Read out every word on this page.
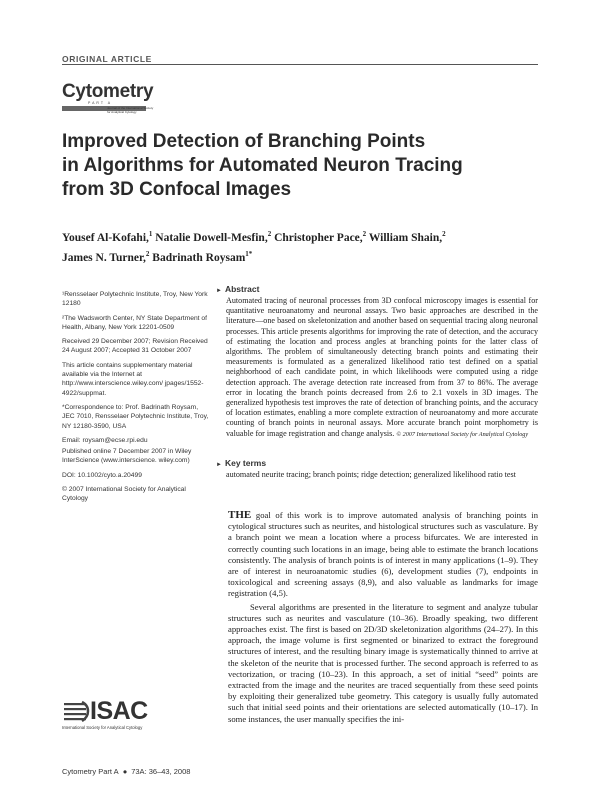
ORIGINAL ARTICLE
Cytometry
PART A
Journal of the International Society for Analytical Cytology
Improved Detection of Branching Points
in Algorithms for Automated Neuron Tracing
from 3D Confocal Images
Yousef Al-Kofahi,$^1$ Natalie Dowell-Mesfin,$^2$ Christopher Pace,$^2$ William Shain,$^2$
James N. Turner,$^2$ Badrinath Roysam$^{1*}$

¹Rensselaer Polytechnic Institute, Troy, New York 12180

²The Wadsworth Center, NY State Department of Health, Albany, New York 12201-0509

Received 29 December 2007; Revision Received 24 August 2007; Accepted 31 October 2007

This article contains supplementary material available via the Internet at http://www.interscience.wiley.com/ jpages/1552-4922/suppmat.

*Correspondence to: Prof. Badrinath Roysam, JEC 7010, Rensselaer Polytechnic Institute, Troy, NY 12180-3590, USA

Email: roysam@ecse.rpi.edu

Published online 7 December 2007 in Wiley InterScience (www.interscience. wiley.com)

DOI: 10.1002/cyto.a.20499

© 2007 International Society for Analytical Cytology

► Abstract
Automated tracing of neuronal processes from 3D confocal microscopy images is essential for quantitative neuroanatomy and neuronal assays. Two basic approaches are described in the literature—one based on skeletonization and another based on sequential tracing along neuronal processes. This article presents algorithms for improving the rate of detection, and the accuracy of estimating the location and process angles at branching points for the latter class of algorithms. The problem of simultaneously detecting branch points and estimating their measurements is formulated as a generalized likelihood ratio test defined on a spatial neighborhood of each candidate point, in which likelihoods were computed using a ridge detection approach. The average detection rate increased from from 37 to 86%. The average error in locating the branch points decreased from 2.6 to 2.1 voxels in 3D images. The generalized hypothesis test improves the rate of detection of branching points, and the accuracy of location estimates, enabling a more complete extraction of neuroanatomy and more accurate counting of branch points in neuronal assays. More accurate branch point morphometry is valuable for image registration and change analysis. © 2007 International Society for Analytical Cytology
► Key terms
automated neurite tracing; branch points; ridge detection; generalized likelihood ratio test

THE goal of this work is to improve automated analysis of branching points in cytological structures such as neurites, and histological structures such as vasculature. By a branch point we mean a location where a process bifurcates. We are interested in correctly counting such locations in an image, being able to estimate the branch locations consistently. The analysis of branch points is of interest in many applications (1–9). They are of interest in neuroanatomic studies (6), development studies (7), endpoints in toxicological and screening assays (8,9), and also valuable as landmarks for image registration (4,5).

Several algorithms are presented in the literature to segment and analyze tubular structures such as neurites and vasculature (10–36). Broadly speaking, two different approaches exist. The first is based on 2D/3D skeletonization algorithms (24–27). In this approach, the image volume is first segmented or binarized to extract the foreground structures of interest, and the resulting binary image is systematically thinned to arrive at the skeleton of the neurite that is processed further. The second approach is referred to as vectorization, or tracing (10–23). In this approach, a set of initial “seed” points are extracted from the image and the neurites are traced sequentially from these seed points by exploiting their generalized tube geometry. This category is usually fully automated such that initial seed points and their orientations are selected automatically (10–17). In some instances, the user manually specifies the ini-

ISAC
International Society for Analytical Cytology
Cytometry Part A ● 73A: 36–43, 2008
